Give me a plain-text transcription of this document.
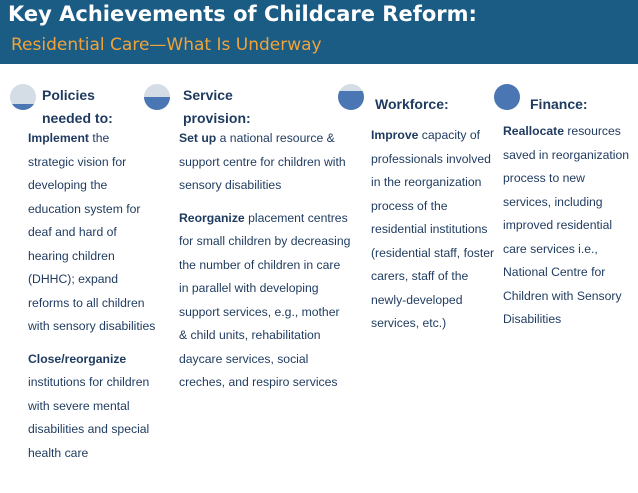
Key Achievements of Childcare Reform:
Residential Care—What Is Underway
Policies
needed to:

Implement the strategic vision for developing the education system for deaf and hard of hearing children (DHHC); expand reforms to all children with sensory disabilities

Close/reorganize institutions for children with severe mental disabilities and special health care

Service
provision:

Set up a national resource & support centre for children with sensory disabilities

Reorganize placement centres for small children by decreasing the number of children in care in parallel with developing support services, e.g., mother & child units, rehabilitation daycare services, social creches, and respiro services

Workforce:

Improve capacity of professionals involved in the reorganization process of the residential institutions (residential staff, foster carers, staff of the newly-developed services, etc.)

Finance:

Reallocate resources saved in reorganization process to new services, including improved residential care services i.e., National Centre for Children with Sensory Disabilities
